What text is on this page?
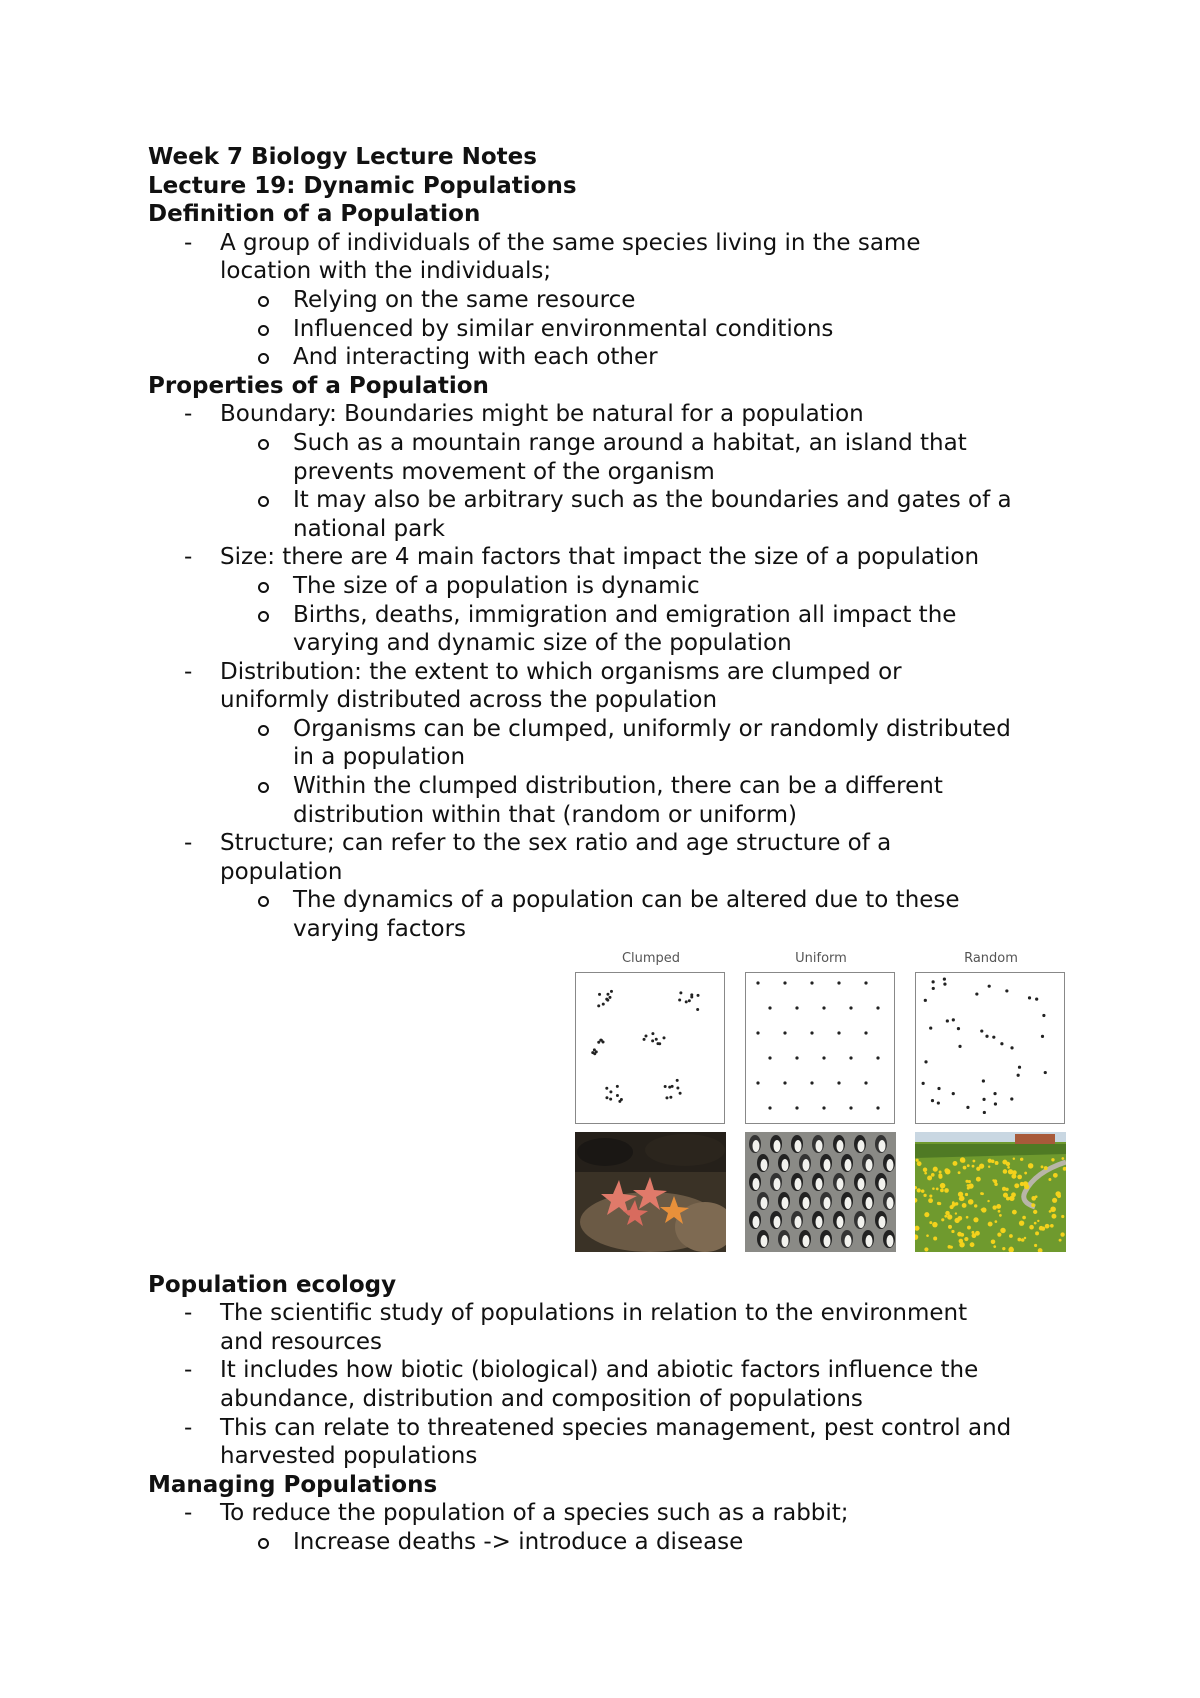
Week 7 Biology Lecture Notes
Lecture 19: Dynamic Populations
Definition of a Population
- A group of individuals of the same species living in the same
location with the individuals;
Relying on the same resource
Influenced by similar environmental conditions
And interacting with each other
Properties of a Population
- Boundary: Boundaries might be natural for a population
Such as a mountain range around a habitat, an island that
prevents movement of the organism
It may also be arbitrary such as the boundaries and gates of a
national park
- Size: there are 4 main factors that impact the size of a population
The size of a population is dynamic
Births, deaths, immigration and emigration all impact the
varying and dynamic size of the population
- Distribution: the extent to which organisms are clumped or
uniformly distributed across the population
Organisms can be clumped, uniformly or randomly distributed
in a population
Within the clumped distribution, there can be a different
distribution within that (random or uniform)
- Structure; can refer to the sex ratio and age structure of a
population
The dynamics of a population can be altered due to these
varying factors
Clumped
	Uniform
	Random

Population ecology
- The scientific study of populations in relation to the environment
and resources
- It includes how biotic (biological) and abiotic factors influence the
abundance, distribution and composition of populations
- This can relate to threatened species management, pest control and
harvested populations
Managing Populations
- To reduce the population of a species such as a rabbit;
Increase deaths -> introduce a disease
